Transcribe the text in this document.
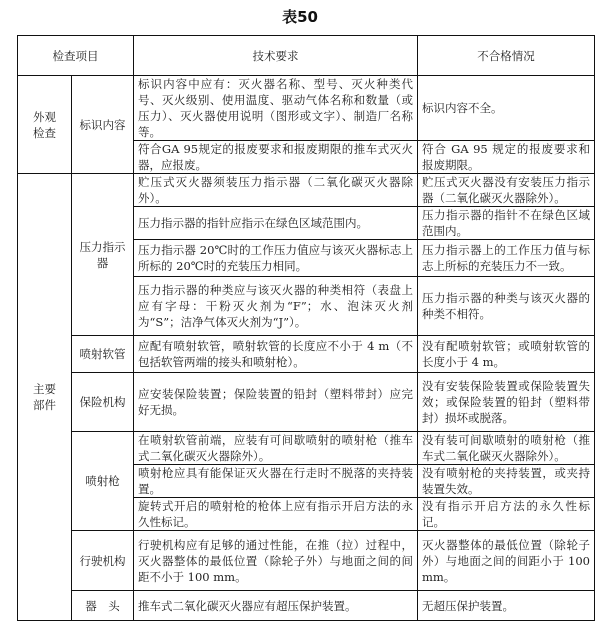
表50
检查项目		技术要求	不合格情况

外观检查	标识内容	标识内容中应有：灭火器名称、型号、灭火种类代号、灭火级别、使用温度、驱动气体名称和数量（或压力）、灭火器使用说明（图形或文字）、制造厂名称等。	标识内容不全。
		符合GA 95规定的报废要求和报废期限的推车式灭火器，应报废。	符合 GA 95 规定的报废要求和报废期限。

主要部件	压力指示器	贮压式灭火器须装压力指示器（二氧化碳灭火器除外）。	贮压式灭火器没有安装压力指示器（二氧化碳灭火器除外）。
		压力指示器的指针应指示在绿色区域范围内。	压力指示器的指针不在绿色区域范围内。
		压力指示器 20℃时的工作压力值应与该灭火器标志上所标的 20℃时的充装压力相同。	压力指示器上的工作压力值与标志上所标的充装压力不一致。
		压力指示器的种类应与该灭火器的种类相符（表盘上应有字母：干粉灭火剂为“F”；水、泡沫灭火剂为“S”；洁净气体灭火剂为“J”）。	压力指示器的种类与该灭火器的种类不相符。
	喷射软管	应配有喷射软管，喷射软管的长度应不小于 4 m（不包括软管两端的接头和喷射枪）。	没有配喷射软管；或喷射软管的长度小于 4 m。
	保险机构	应安装保险装置；保险装置的铅封（塑料带封）应完好无损。	没有安装保险装置或保险装置失效；或保险装置的铅封（塑料带封）损坏或脱落。
	喷射枪	在喷射软管前端，应装有可间歇喷射的喷射枪（推车式二氧化碳灭火器除外）。	没有装可间歇喷射的喷射枪（推车式二氧化碳灭火器除外）。
		喷射枪应具有能保证灭火器在行走时不脱落的夹持装置。	没有喷射枪的夹持装置，或夹持装置失效。
		旋转式开启的喷射枪的枪体上应有指示开启方法的永久性标记。	没有指示开启方法的永久性标记。
	行驶机构	行驶机构应有足够的通过性能，在推（拉）过程中，灭火器整体的最低位置（除轮子外）与地面之间的间距不小于 100 mm。	灭火器整体的最低位置（除轮子外）与地面之间的间距小于 100 mm。
	器　头	推车式二氧化碳灭火器应有超压保护装置。	无超压保护装置。
